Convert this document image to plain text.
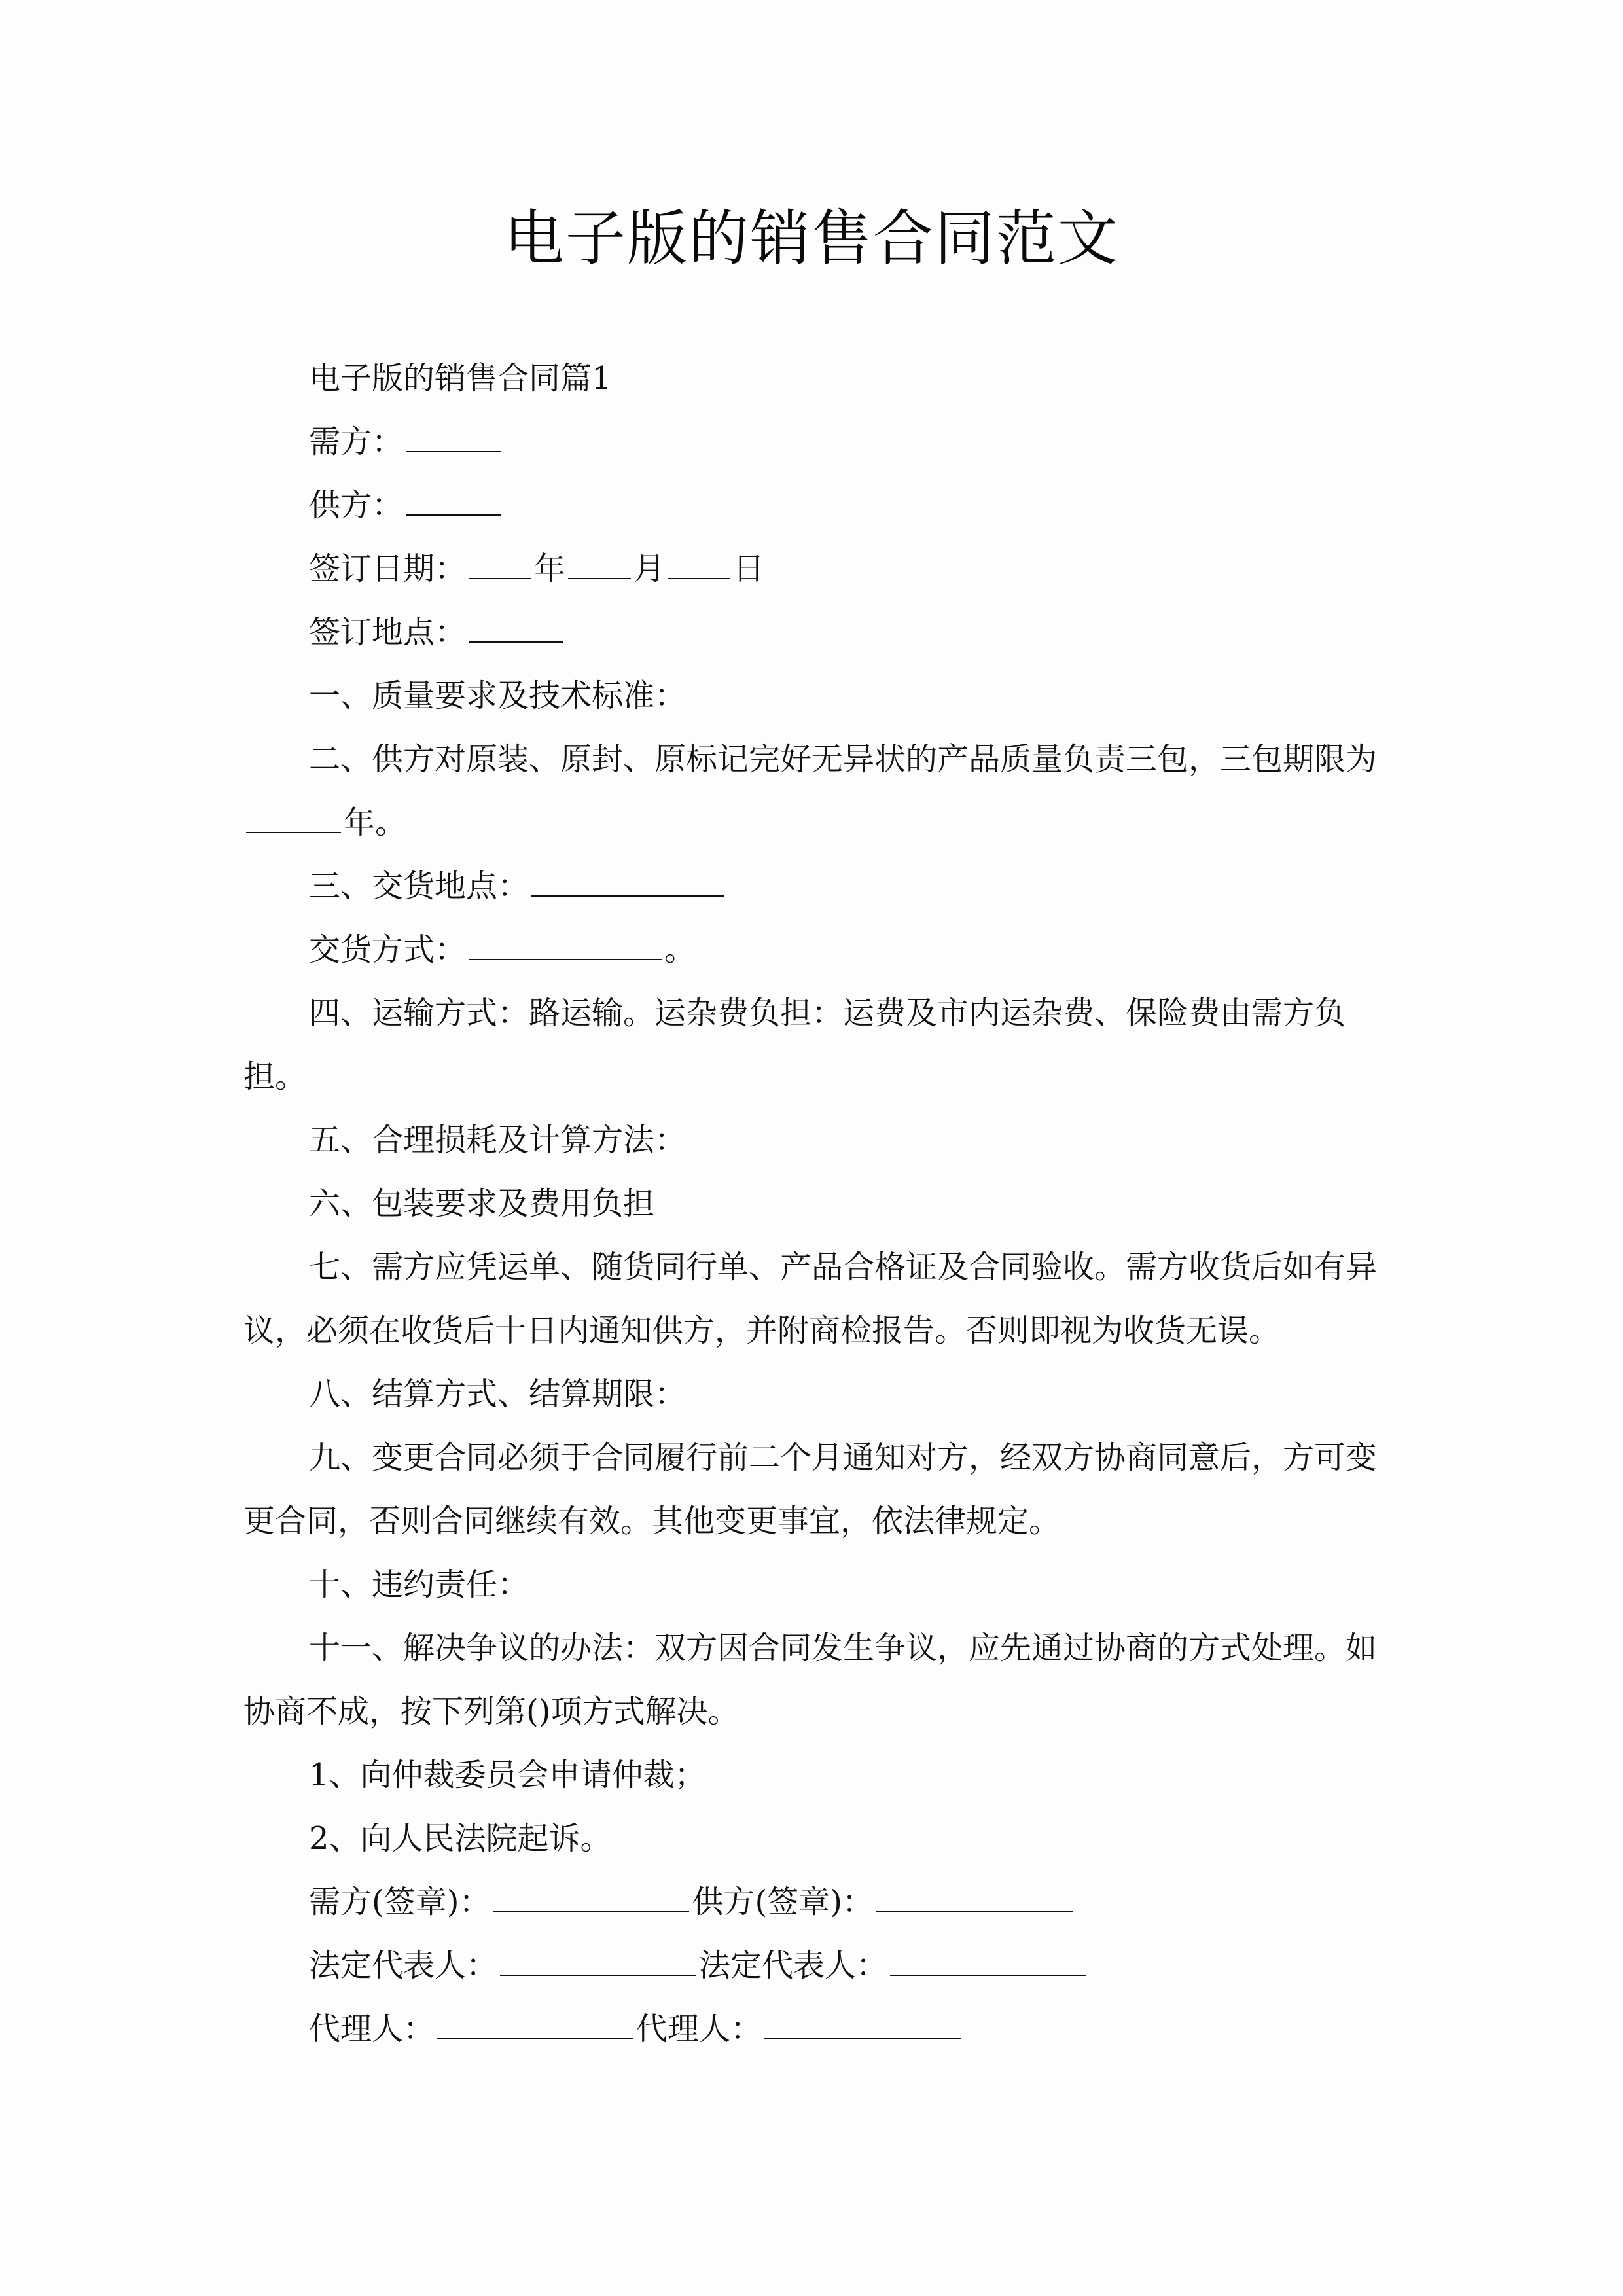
电子版的销售合同范文

电子版的销售合同篇1

需方：

供方：

签订日期： 年 月 日

签订地点：

一、质量要求及技术标准：

二、供方对原装、原封、原标记完好无异状的产品质量负责三包，三包期限为年。

三、交货地点：

交货方式：	。

四、运输方式：路运输。运杂费负担：运费及市内运杂费、保险费由需方负担。

五、合理损耗及计算方法：

六、包装要求及费用负担

七、需方应凭运单、随货同行单、产品合格证及合同验收。需方收货后如有异议，必须在收货后十日内通知供方，并附商检报告。否则即视为收货无误。

八、结算方式、结算期限：

九、变更合同必须于合同履行前二个月通知对方，经双方协商同意后，方可变更合同，否则合同继续有效。其他变更事宜，依法律规定。

十、违约责任：

十一、解决争议的办法：双方因合同发生争议，应先通过协商的方式处理。如协商不成，按下列第()项方式解决。

1、向仲裁委员会申请仲裁；

2、向人民法院起诉。

需方(签章)：	供方(签章)：

法定代表人：	法定代表人：

代理人：	代理人：
